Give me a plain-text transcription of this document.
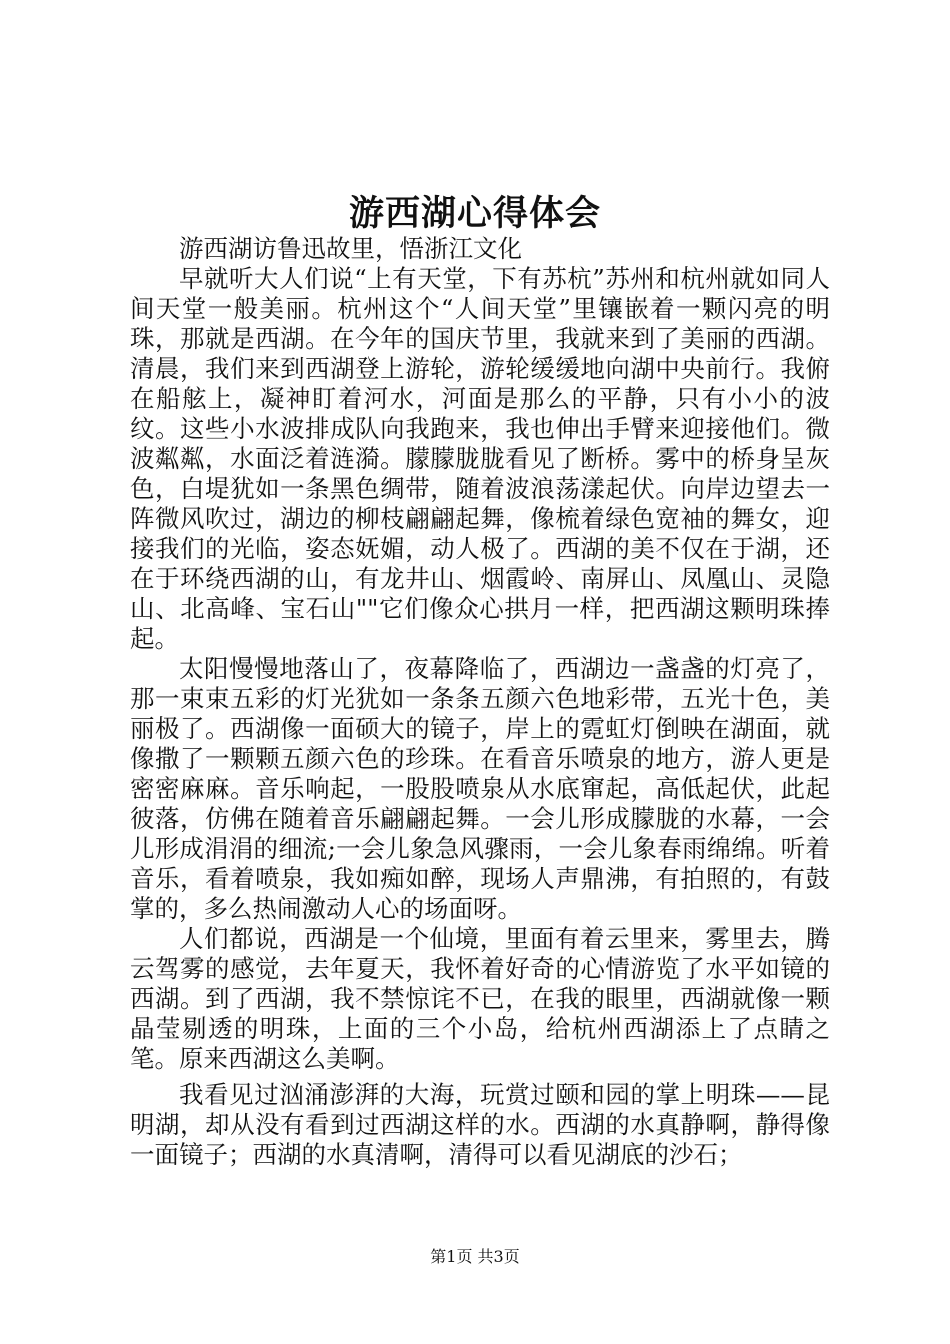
游西湖心得体会

游西湖访鲁迅故里，悟浙江文化

早就听大人们说“上有天堂，下有苏杭”苏州和杭州就如同人间天堂一般美丽。杭州这个“人间天堂”里镶嵌着一颗闪亮的明珠，那就是西湖。在今年的国庆节里，我就来到了美丽的西湖。清晨，我们来到西湖登上游轮，游轮缓缓地向湖中央前行。我俯在船舷上，凝神盯着河水，河面是那么的平静，只有小小的波纹。这些小水波排成队向我跑来，我也伸出手臂来迎接他们。微波粼粼，水面泛着涟漪。朦朦胧胧看见了断桥。雾中的桥身呈灰色，白堤犹如一条黑色绸带，随着波浪荡漾起伏。向岸边望去一阵微风吹过，湖边的柳枝翩翩起舞，像梳着绿色宽袖的舞女，迎接我们的光临，姿态妩媚，动人极了。西湖的美不仅在于湖，还在于环绕西湖的山，有龙井山、烟霞岭、南屏山、凤凰山、灵隐山、北高峰、宝石山""它们像众心拱月一样，把西湖这颗明珠捧起。

太阳慢慢地落山了，夜幕降临了，西湖边一盏盏的灯亮了，那一束束五彩的灯光犹如一条条五颜六色地彩带，五光十色，美丽极了。西湖像一面硕大的镜子，岸上的霓虹灯倒映在湖面，就像撒了一颗颗五颜六色的珍珠。在看音乐喷泉的地方，游人更是密密麻麻。音乐响起，一股股喷泉从水底窜起，高低起伏，此起彼落，仿佛在随着音乐翩翩起舞。一会儿形成朦胧的水幕，一会儿形成涓涓的细流;一会儿象急风骤雨，一会儿象春雨绵绵。听着音乐，看着喷泉，我如痴如醉，现场人声鼎沸，有拍照的，有鼓掌的，多么热闹激动人心的场面呀。

人们都说，西湖是一个仙境，里面有着云里来，雾里去，腾云驾雾的感觉，去年夏天，我怀着好奇的心情游览了水平如镜的西湖。到了西湖，我不禁惊诧不已，在我的眼里，西湖就像一颗晶莹剔透的明珠，上面的三个小岛，给杭州西湖添上了点睛之笔。原来西湖这么美啊。

我看见过汹涌澎湃的大海，玩赏过颐和园的掌上明珠——昆明湖，却从没有看到过西湖这样的水。西湖的水真静啊，静得像一面镜子；西湖的水真清啊，清得可以看见湖底的沙石；

第1页 共3页
